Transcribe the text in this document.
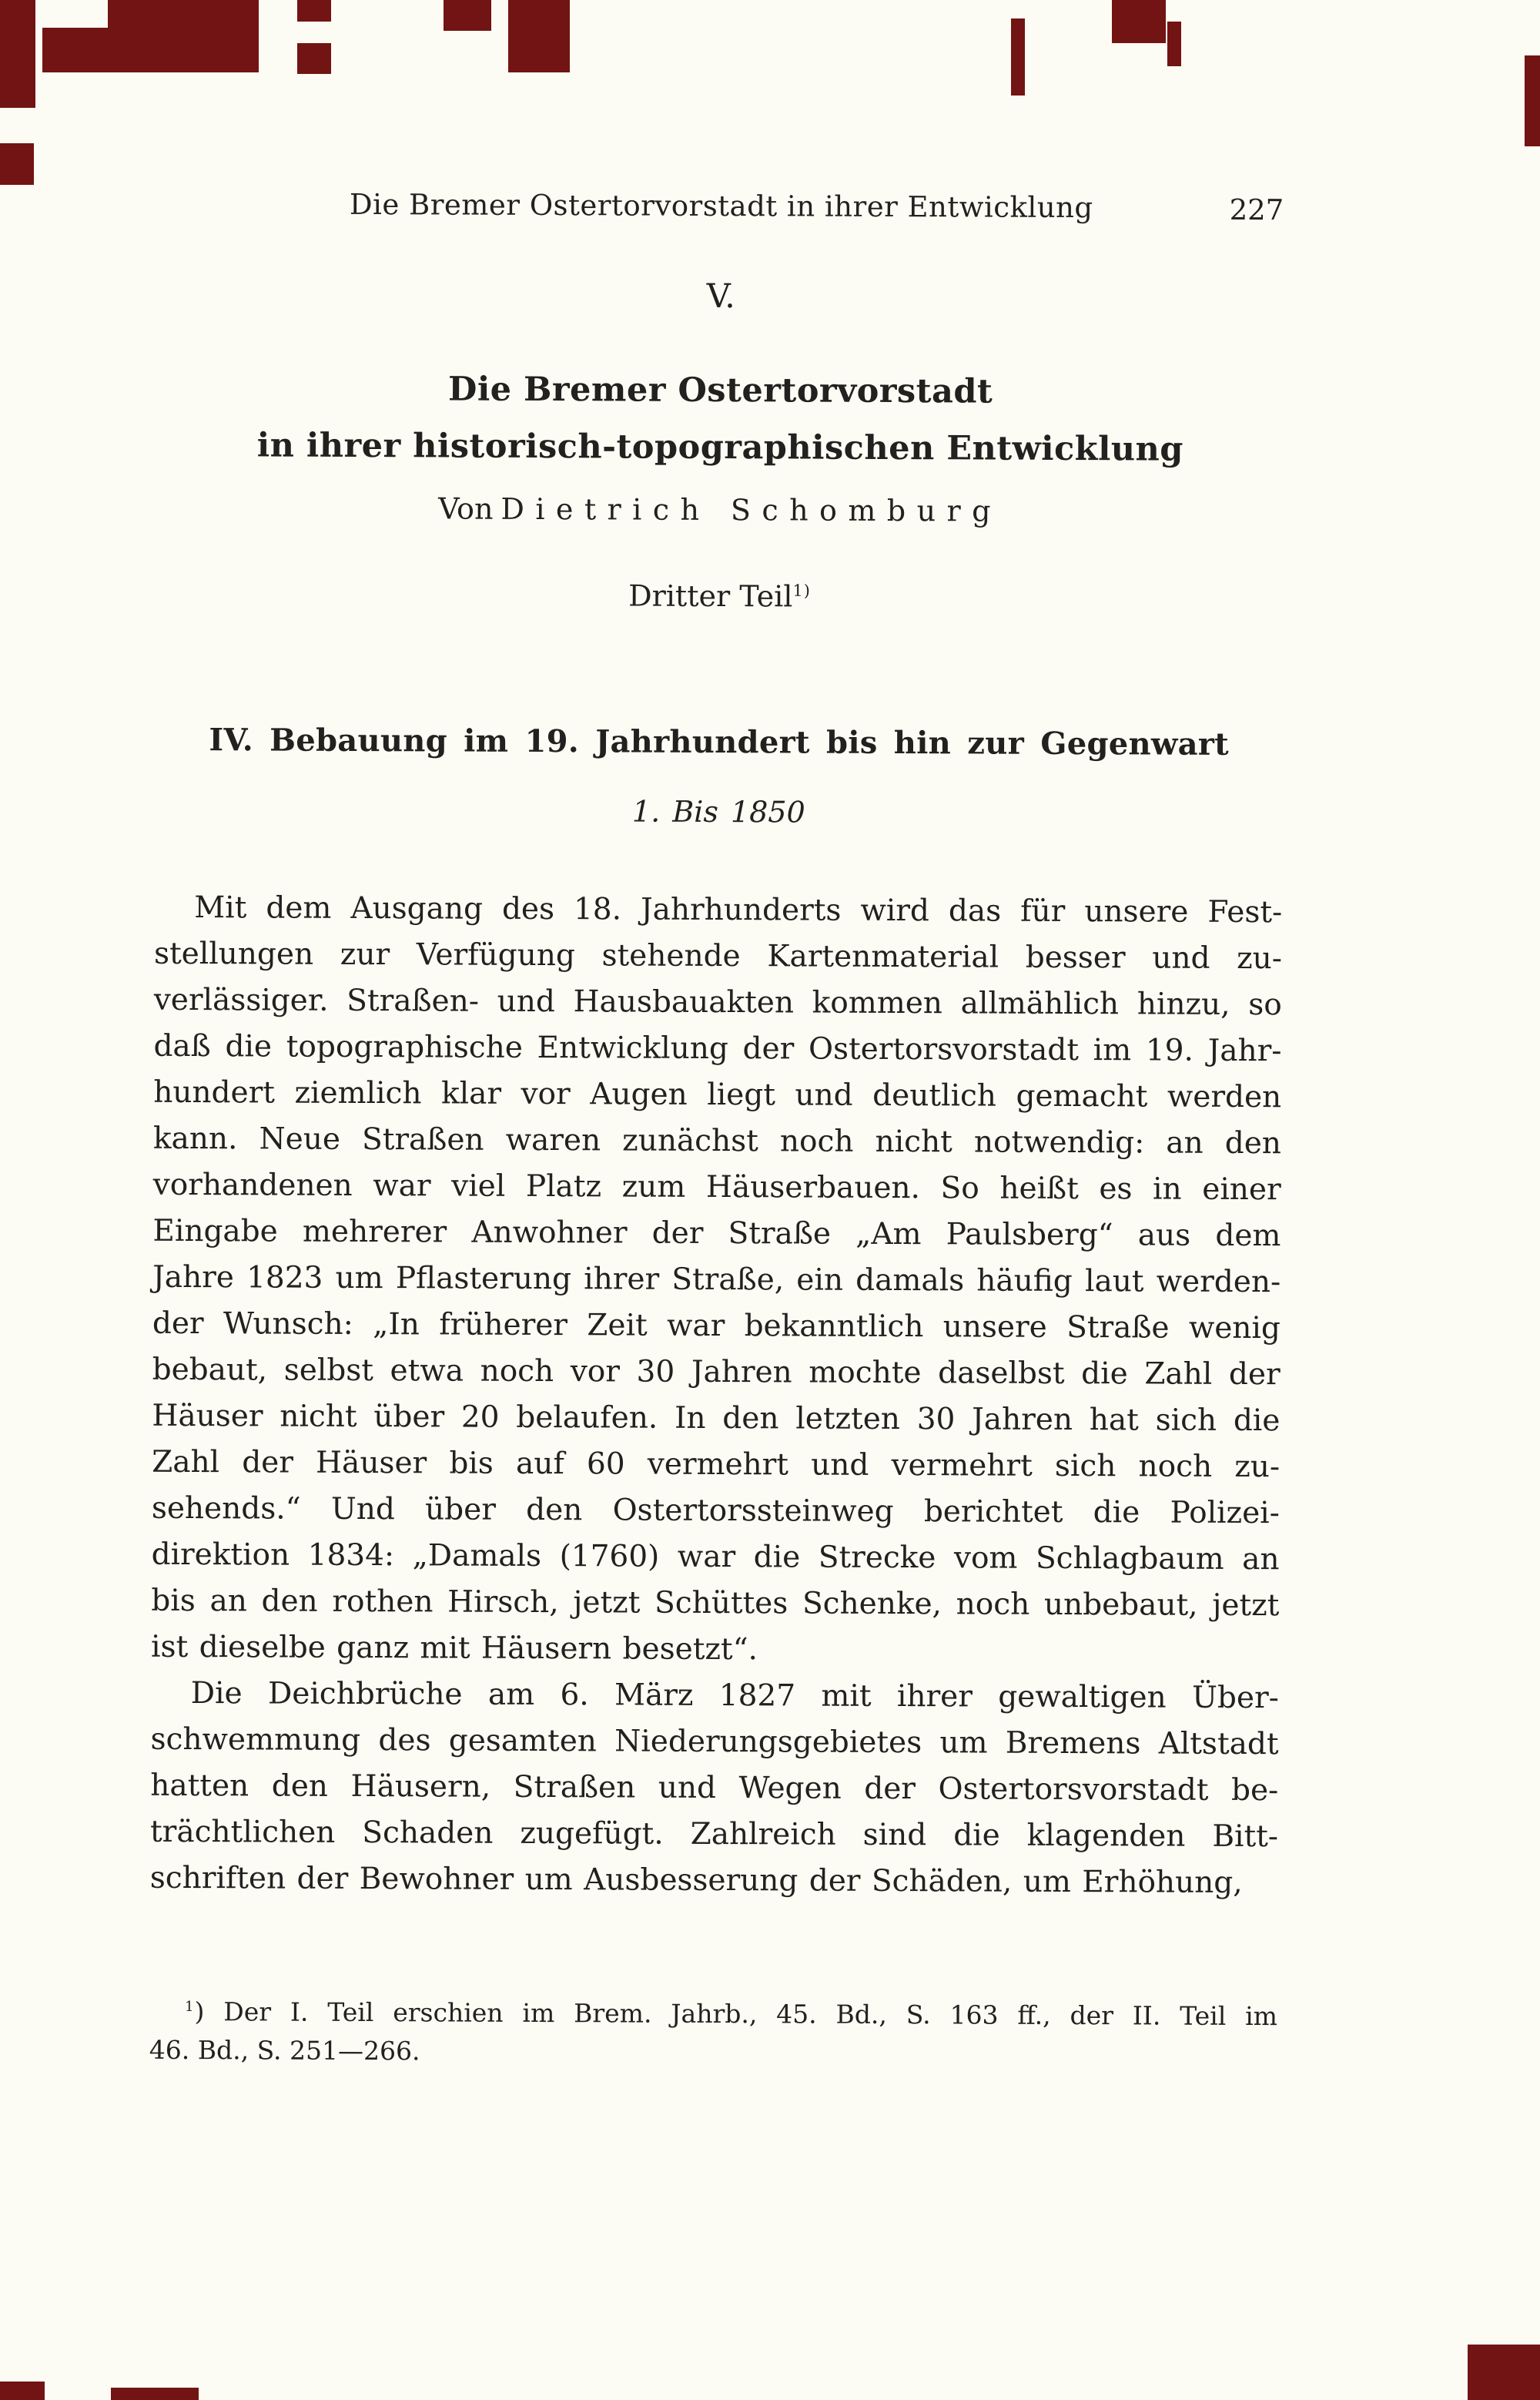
Die Bremer Ostertorvorstadt in ihrer Entwicklung	227
V.
Die Bremer Ostertorvorstadt
in ihrer historisch-topographischen Entwicklung
Von Dietrich Schomburg
Dritter Teil$^{1)}$
IV. Bebauung im 19. Jahrhundert bis hin zur Gegenwart
1. Bis 1850
Mit dem Ausgang des 18. Jahrhunderts wird das für unsere Fest-
stellungen zur Verfügung stehende Kartenmaterial besser und zu-
verlässiger. Straßen- und Hausbauakten kommen allmählich hinzu, so
daß die topographische Entwicklung der Ostertorsvorstadt im 19. Jahr-
hundert ziemlich klar vor Augen liegt und deutlich gemacht werden
kann. Neue Straßen waren zunächst noch nicht notwendig: an den
vorhandenen war viel Platz zum Häuserbauen. So heißt es in einer
Eingabe mehrerer Anwohner der Straße „Am Paulsberg“ aus dem
Jahre 1823 um Pflasterung ihrer Straße, ein damals häufig laut werden-
der Wunsch: „In früherer Zeit war bekanntlich unsere Straße wenig
bebaut, selbst etwa noch vor 30 Jahren mochte daselbst die Zahl der
Häuser nicht über 20 belaufen. In den letzten 30 Jahren hat sich die
Zahl der Häuser bis auf 60 vermehrt und vermehrt sich noch zu-
sehends.“ Und über den Ostertorssteinweg berichtet die Polizei-
direktion 1834: „Damals (1760) war die Strecke vom Schlagbaum an
bis an den rothen Hirsch, jetzt Schüttes Schenke, noch unbebaut, jetzt
ist dieselbe ganz mit Häusern besetzt“.
Die Deichbrüche am 6. März 1827 mit ihrer gewaltigen Über-
schwemmung des gesamten Niederungsgebietes um Bremens Altstadt
hatten den Häusern, Straßen und Wegen der Ostertorsvorstadt be-
trächtlichen Schaden zugefügt. Zahlreich sind die klagenden Bitt-
schriften der Bewohner um Ausbesserung der Schäden, um Erhöhung,
$^1$) Der I. Teil erschien im Brem. Jahrb., 45. Bd., S. 163 ff., der II. Teil im
46. Bd., S. 251—266.
